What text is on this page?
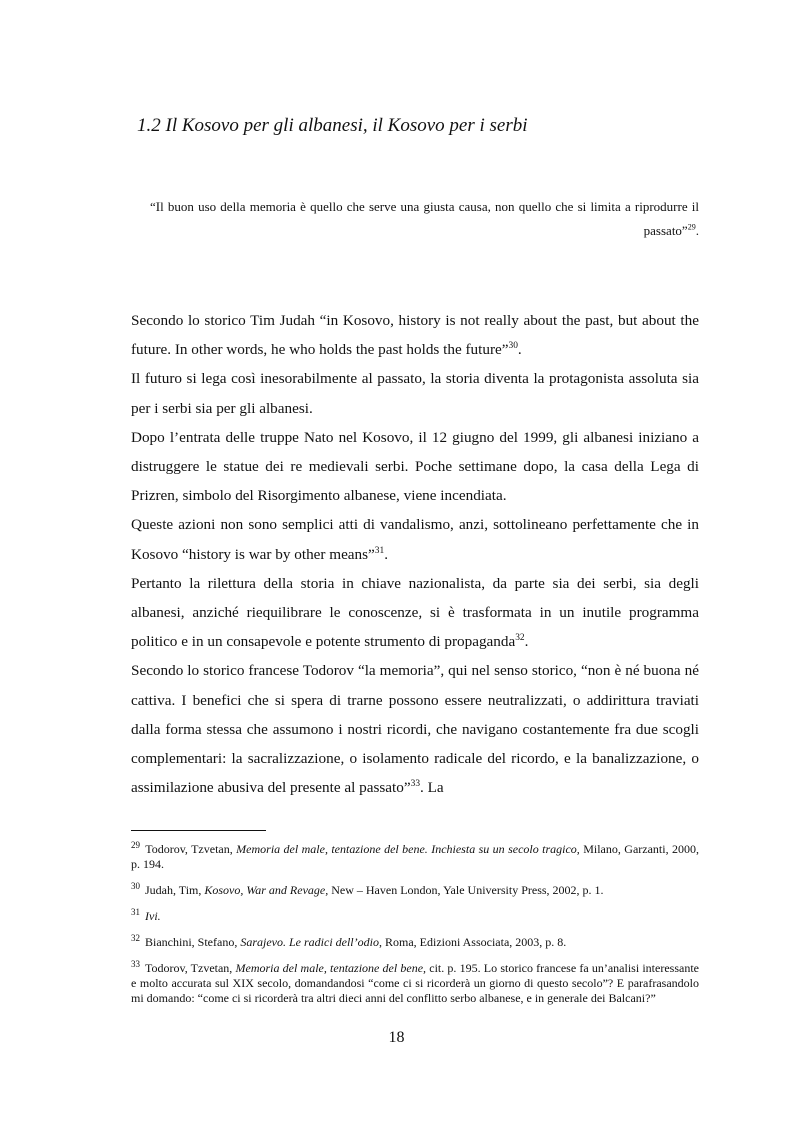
1.2 Il Kosovo per gli albanesi, il Kosovo per i serbi

“Il buon uso della memoria è quello che serve una giusta causa, non quello che si limita a riprodurre il passato”$^{29}$.

Secondo lo storico Tim Judah “in Kosovo, history is not really about the past, but about the future. In other words, he who holds the past holds the future”$^{30}$.

Il futuro si lega così inesorabilmente al passato, la storia diventa la protagonista assoluta sia per i serbi sia per gli albanesi.

Dopo l’entrata delle truppe Nato nel Kosovo, il 12 giugno del 1999, gli albanesi iniziano a distruggere le statue dei re medievali serbi. Poche settimane dopo, la casa della Lega di Prizren, simbolo del Risorgimento albanese, viene incendiata.

Queste azioni non sono semplici atti di vandalismo, anzi, sottolineano perfettamente che in Kosovo “history is war by other means”$^{31}$.

Pertanto la rilettura della storia in chiave nazionalista, da parte sia dei serbi, sia degli albanesi, anziché riequilibrare le conoscenze, si è trasformata in un inutile programma politico e in un consapevole e potente strumento di propaganda$^{32}$.

Secondo lo storico francese Todorov “la memoria”, qui nel senso storico, “non è né buona né cattiva. I benefici che si spera di trarne possono essere neutralizzati, o addirittura traviati dalla forma stessa che assumono i nostri ricordi, che navigano costantemente fra due scogli complementari: la sacralizzazione, o isolamento radicale del ricordo, e la banalizzazione, o assimilazione abusiva del presente al passato”$^{33}$. La

$^{29}$ Todorov, Tzvetan, Memoria del male, tentazione del bene. Inchiesta su un secolo tragico, Milano, Garzanti, 2000, p. 194.

$^{30}$ Judah, Tim, Kosovo, War and Revage, New – Haven London, Yale University Press, 2002, p. 1.

$^{31}$ Ivi.

$^{32}$ Bianchini, Stefano, Sarajevo. Le radici dell’odio, Roma, Edizioni Associata, 2003, p. 8.

$^{33}$ Todorov, Tzvetan, Memoria del male, tentazione del bene, cit. p. 195. Lo storico francese fa un’analisi interessante e molto accurata sul XIX secolo, domandandosi “come ci si ricorderà un giorno di questo secolo”? E parafrasandolo mi domando: “come ci si ricorderà tra altri dieci anni del conflitto serbo albanese, e in generale dei Balcani?”

18
